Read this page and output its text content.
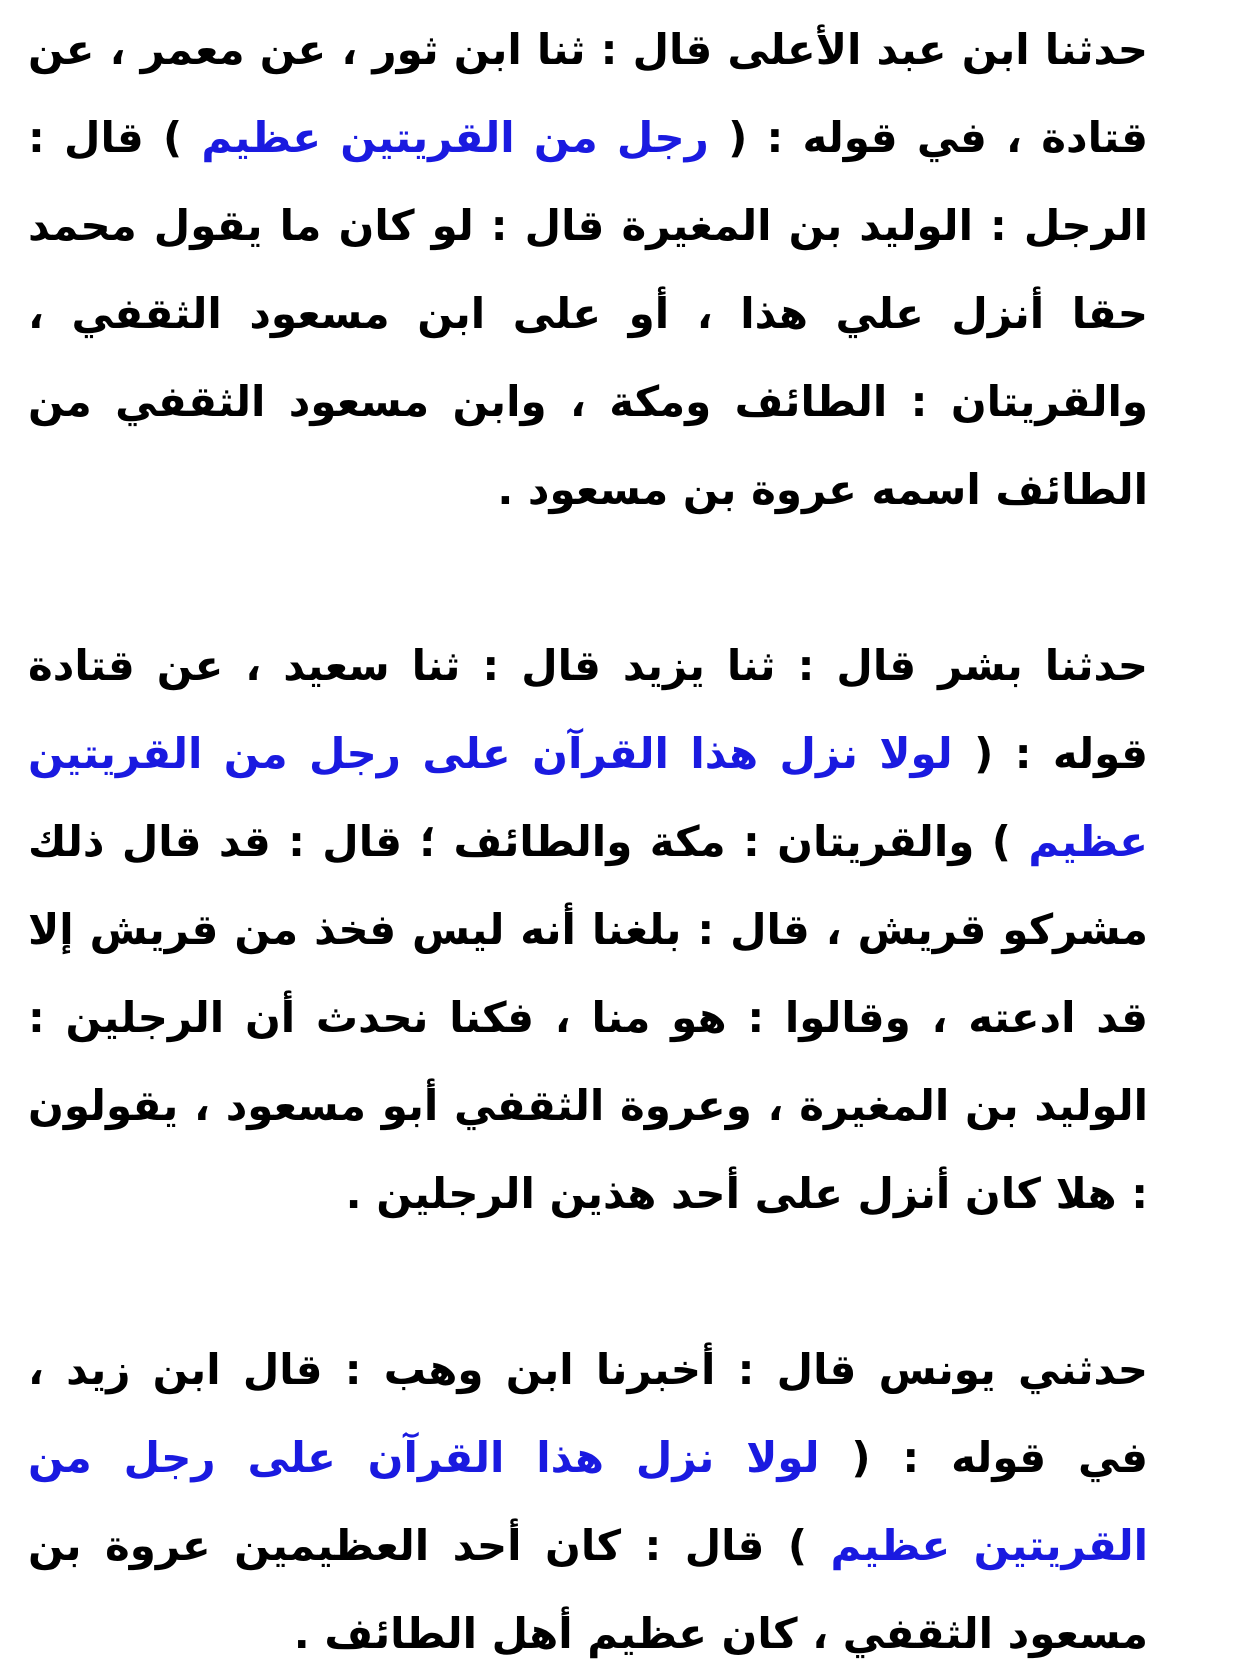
حدثنا ابن عبد الأعلى قال : ثنا ابن ثور ، عن معمر ، عن قتادة ، في قوله : ( رجل من القريتين عظيم ) قال : الرجل : الوليد بن المغيرة قال : لو كان ما يقول محمد حقا أنزل علي هذا ، أو على ابن مسعود الثقفي ، والقريتان : الطائف ومكة ، وابن مسعود الثقفي من الطائف اسمه عروة بن مسعود .

حدثنا بشر قال : ثنا يزيد قال : ثنا سعيد ، عن قتادة قوله : ( لولا نزل هذا القرآن على رجل من القريتين عظيم ) والقريتان : مكة والطائف ؛ قال : قد قال ذلك مشركو قريش ، قال : بلغنا أنه ليس فخذ من قريش إلا قد ادعته ، وقالوا : هو منا ، فكنا نحدث أن الرجلين : الوليد بن المغيرة ، وعروة الثقفي أبو مسعود ، يقولون : هلا كان أنزل على أحد هذين الرجلين .

حدثني يونس قال : أخبرنا ابن وهب : قال ابن زيد ، في قوله : ( لولا نزل هذا القرآن على رجل من القريتين عظيم ) قال : كان أحد العظيمين عروة بن مسعود الثقفي ، كان عظيم أهل الطائف .
